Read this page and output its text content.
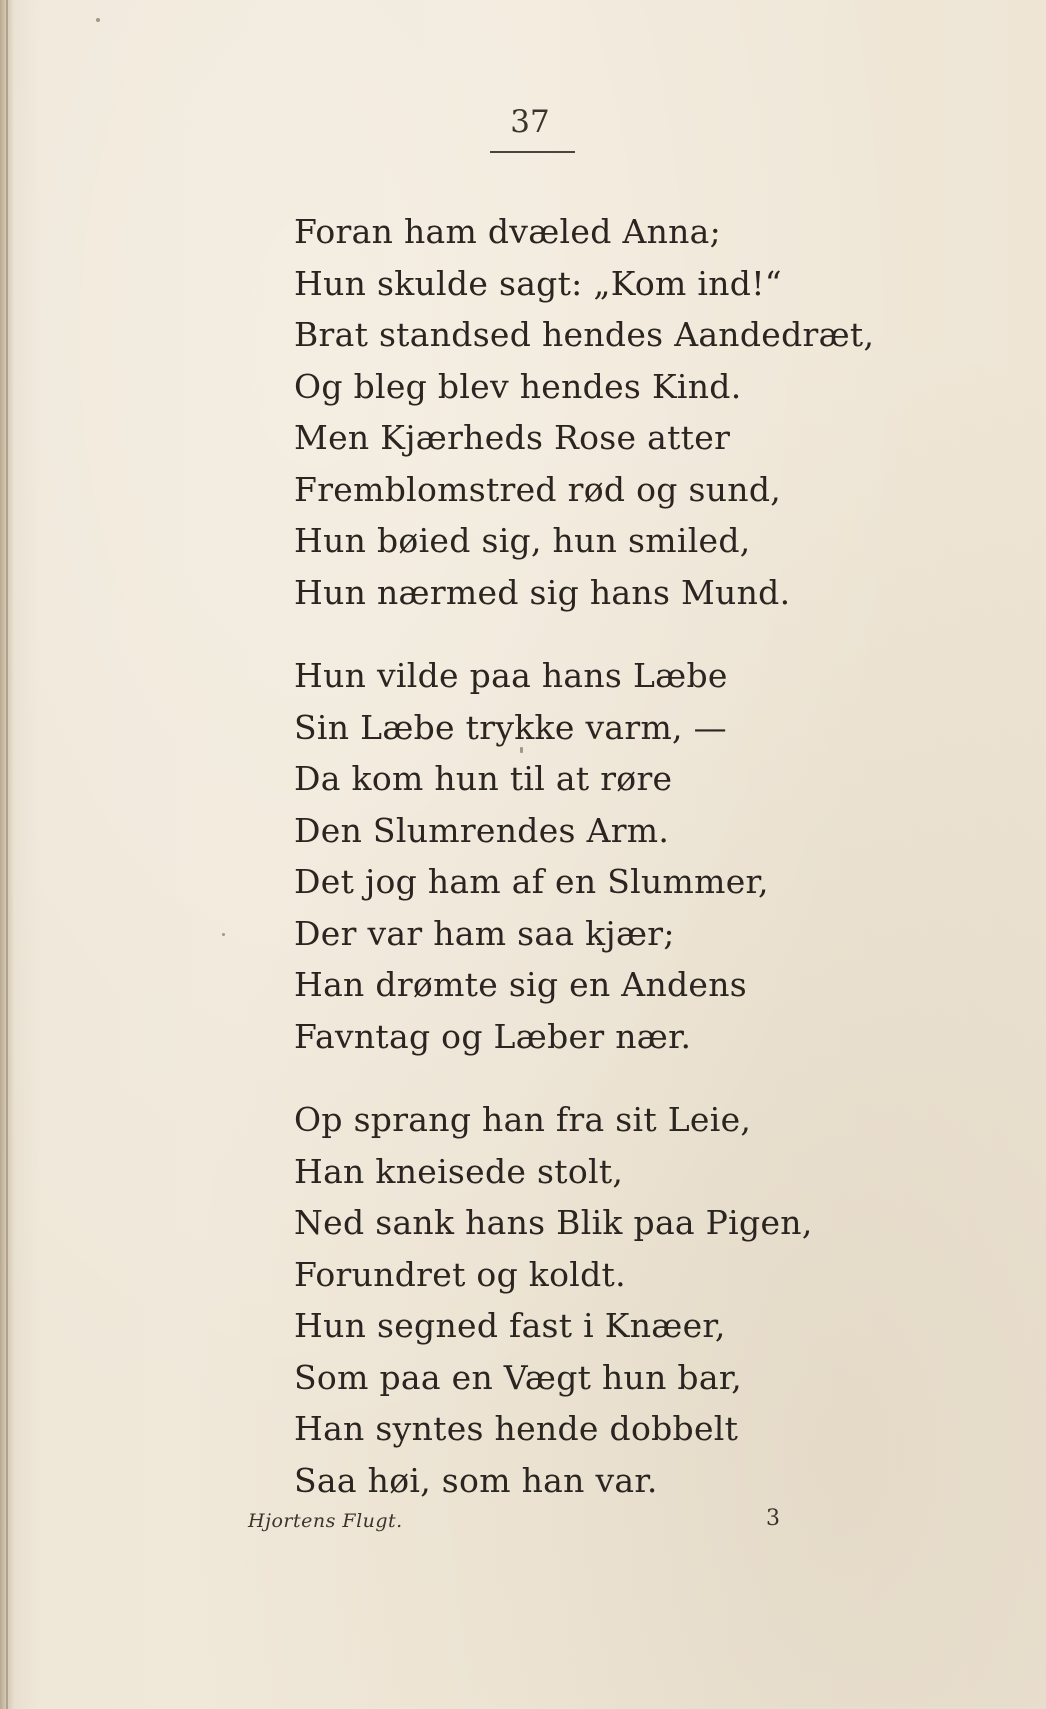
37
Foran ham dvæled Anna;
Hun skulde sagt: „Kom ind!“
Brat standsed hendes Aandedræt,
Og bleg blev hendes Kind.
Men Kjærheds Rose atter
Fremblomstred rød og sund,
Hun bøied sig, hun smiled,
Hun nærmed sig hans Mund.
Hun vilde paa hans Læbe
Sin Læbe trykke varm, —
Da kom hun til at røre
Den Slumrendes Arm.
Det jog ham af en Slummer,
Der var ham saa kjær;
Han drømte sig en Andens
Favntag og Læber nær.
Op sprang han fra sit Leie,
Han kneisede stolt,
Ned sank hans Blik paa Pigen,
Forundret og koldt.
Hun segned fast i Knæer,
Som paa en Vægt hun bar,
Han syntes hende dobbelt
Saa høi, som han var.
Hjortens Flugt.	3
